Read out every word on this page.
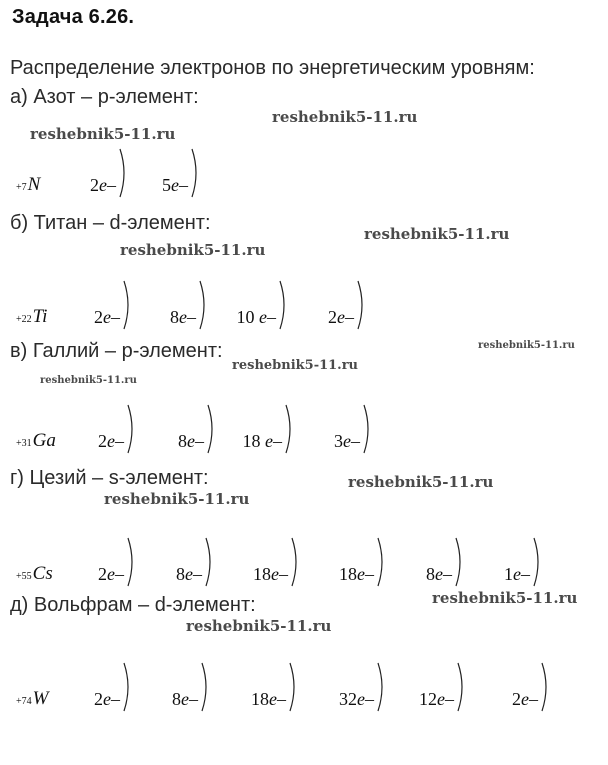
Задача 6.26.

Распределение электронов по энергетическим уровням:

а) Азот – p-элемент:

б) Титан – d-элемент:

в) Галлий – p-элемент:

г) Цезий – s-элемент:

д) Вольфрам – d-элемент:

reshebnik5-11.ru
reshebnik5-11.ru
reshebnik5-11.ru
reshebnik5-11.ru
reshebnik5-11.ru
reshebnik5-11.ru
reshebnik5-11.ru
reshebnik5-11.ru
reshebnik5-11.ru
reshebnik5-11.ru
reshebnik5-11.ru
+7N	2e–	5e–
+22Ti	2e–	8e– 10 e–	2e–
+31Ga 2e–	8e– 18 e–	3e–
+55Cs	2e–	8e–	18e–	18e–	8e–	1e–
+74W	2e–	8e–	18e–	32e–	12e–	2e–
